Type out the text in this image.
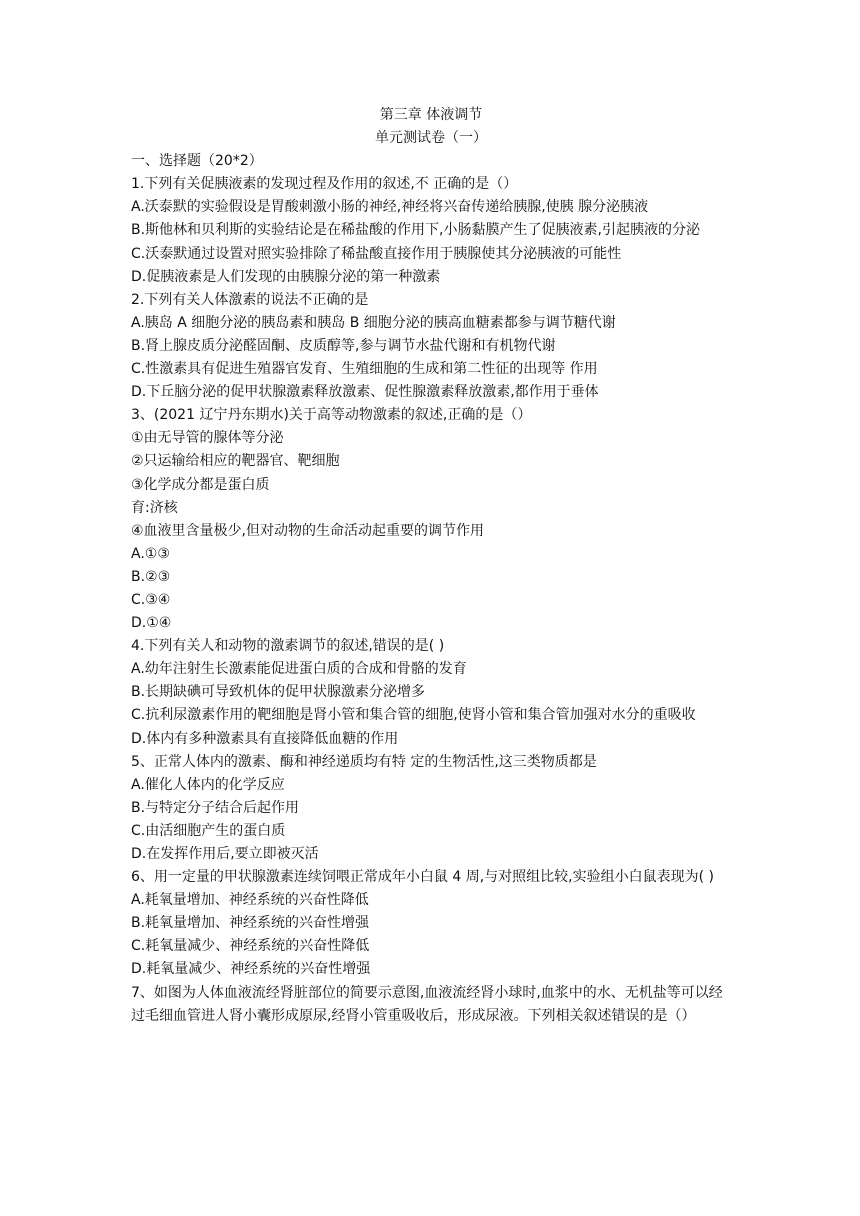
第三章 体液调节
单元测试卷（一）
一、选择题（20*2）
1.下列有关促胰液素的发现过程及作用的叙述,不 正确的是（）
A.沃泰默的实验假设是胃酸刺激小肠的神经,神经将兴奋传递给胰腺,使胰 腺分泌胰液
B.斯他林和贝利斯的实验结论是在稀盐酸的作用下,小肠黏膜产生了促胰液素,引起胰液的分泌
C.沃泰默通过设置对照实验排除了稀盐酸直接作用于胰腺使其分泌胰液的可能性
D.促胰液素是人们发现的由胰腺分泌的第一种激素
2.下列有关人体激素的说法不正确的是
A.胰岛 A 细胞分泌的胰岛素和胰岛 B 细胞分泌的胰高血糖素都参与调节糖代谢
B.肾上腺皮质分泌醛固酮、皮质醇等,参与调节水盐代谢和有机物代谢
C.性激素具有促进生殖器官发育、生殖细胞的生成和第二性征的出现等 作用
D.下丘脑分泌的促甲状腺激素释放激素、促性腺激素释放激素,都作用于垂体
3、(2021 辽宁丹东期水)关于高等动物激素的叙述,正确的是（）
①由无导管的腺体等分泌
②只运输给相应的靶器官、靶细胞
③化学成分都是蛋白质
育:济核
④血液里含量极少,但对动物的生命活动起重要的调节作用
A.①③
B.②③
C.③④
D.①④
4.下列有关人和动物的激素调节的叙述,错误的是( )
A.幼年注射生长激素能促进蛋白质的合成和骨骼的发育
B.长期缺碘可导致机体的促甲状腺激素分泌增多
C.抗利尿激素作用的靶细胞是肾小管和集合管的细胞,使肾小管和集合管加强对水分的重吸收
D.体内有多种激素具有直接降低血糖的作用
5、正常人体内的激素、酶和神经递质均有特 定的生物活性,这三类物质都是
A.催化人体内的化学反应
B.与特定分子结合后起作用
C.由活细胞产生的蛋白质
D.在发挥作用后,要立即被灭活
6、用一定量的甲状腺激素连续饲喂正常成年小白鼠 4 周,与对照组比较,实验组小白鼠表现为( )
A.耗氧量增加、神经系统的兴奋性降低
B.耗氧量增加、神经系统的兴奋性增强
C.耗氧量减少、神经系统的兴奋性降低
D.耗氧量减少、神经系统的兴奋性增强
7、如图为人体血液流经肾脏部位的简要示意图,血液流经肾小球时,血浆中的水、无机盐等可以经过毛细血管进人肾小囊形成原尿,经肾小管重吸收后，形成尿液。下列相关叙述错误的是（）
